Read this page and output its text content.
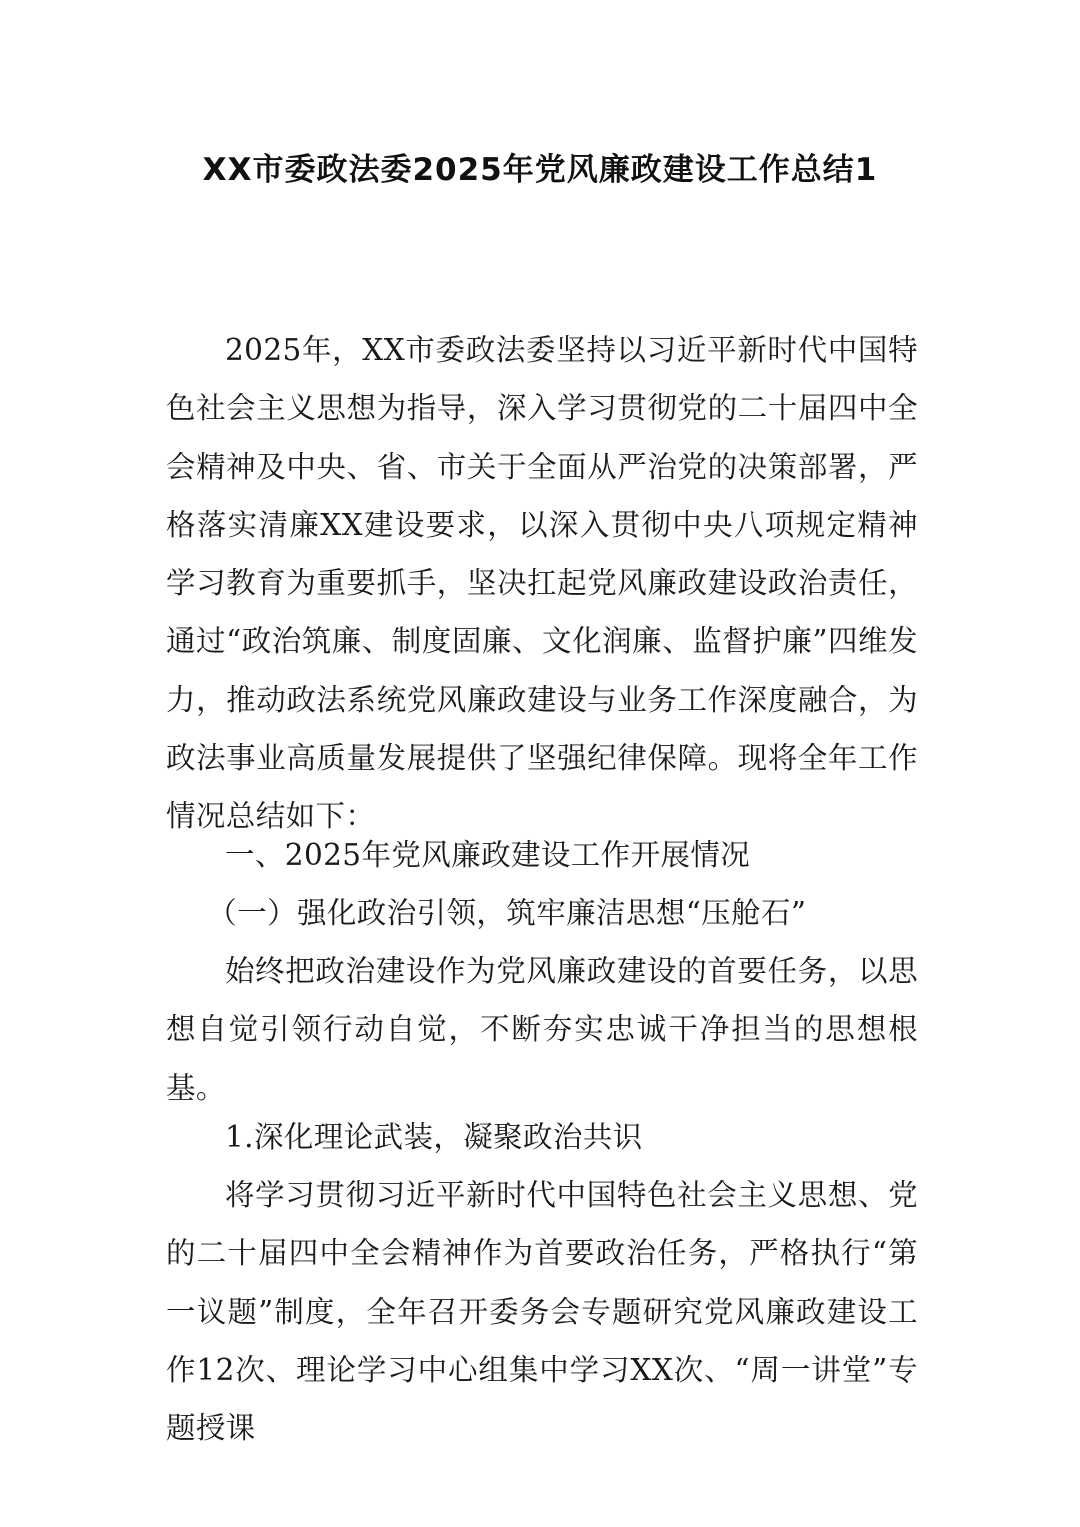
XX市委政法委2025年党风廉政建设工作总结1

2025年，XX市委政法委坚持以习近平新时代中国特色社会主义思想为指导，深入学习贯彻党的二十届四中全会精神及中央、省、市关于全面从严治党的决策部署，严格落实清廉XX建设要求，以深入贯彻中央八项规定精神学习教育为重要抓手，坚决扛起党风廉政建设政治责任，通过“政治筑廉、制度固廉、文化润廉、监督护廉”四维发力，推动政法系统党风廉政建设与业务工作深度融合，为政法事业高质量发展提供了坚强纪律保障。现将全年工作情况总结如下：

一、2025年党风廉政建设工作开展情况

（一）强化政治引领，筑牢廉洁思想“压舱石”

始终把政治建设作为党风廉政建设的首要任务，以思想自觉引领行动自觉，不断夯实忠诚干净担当的思想根基。

1.深化理论武装，凝聚政治共识

将学习贯彻习近平新时代中国特色社会主义思想、党的二十届四中全会精神作为首要政治任务，严格执行“第一议题”制度，全年召开委务会专题研究党风廉政建设工作12次、理论学习中心组集中学习XX次、“周一讲堂”专题授课
